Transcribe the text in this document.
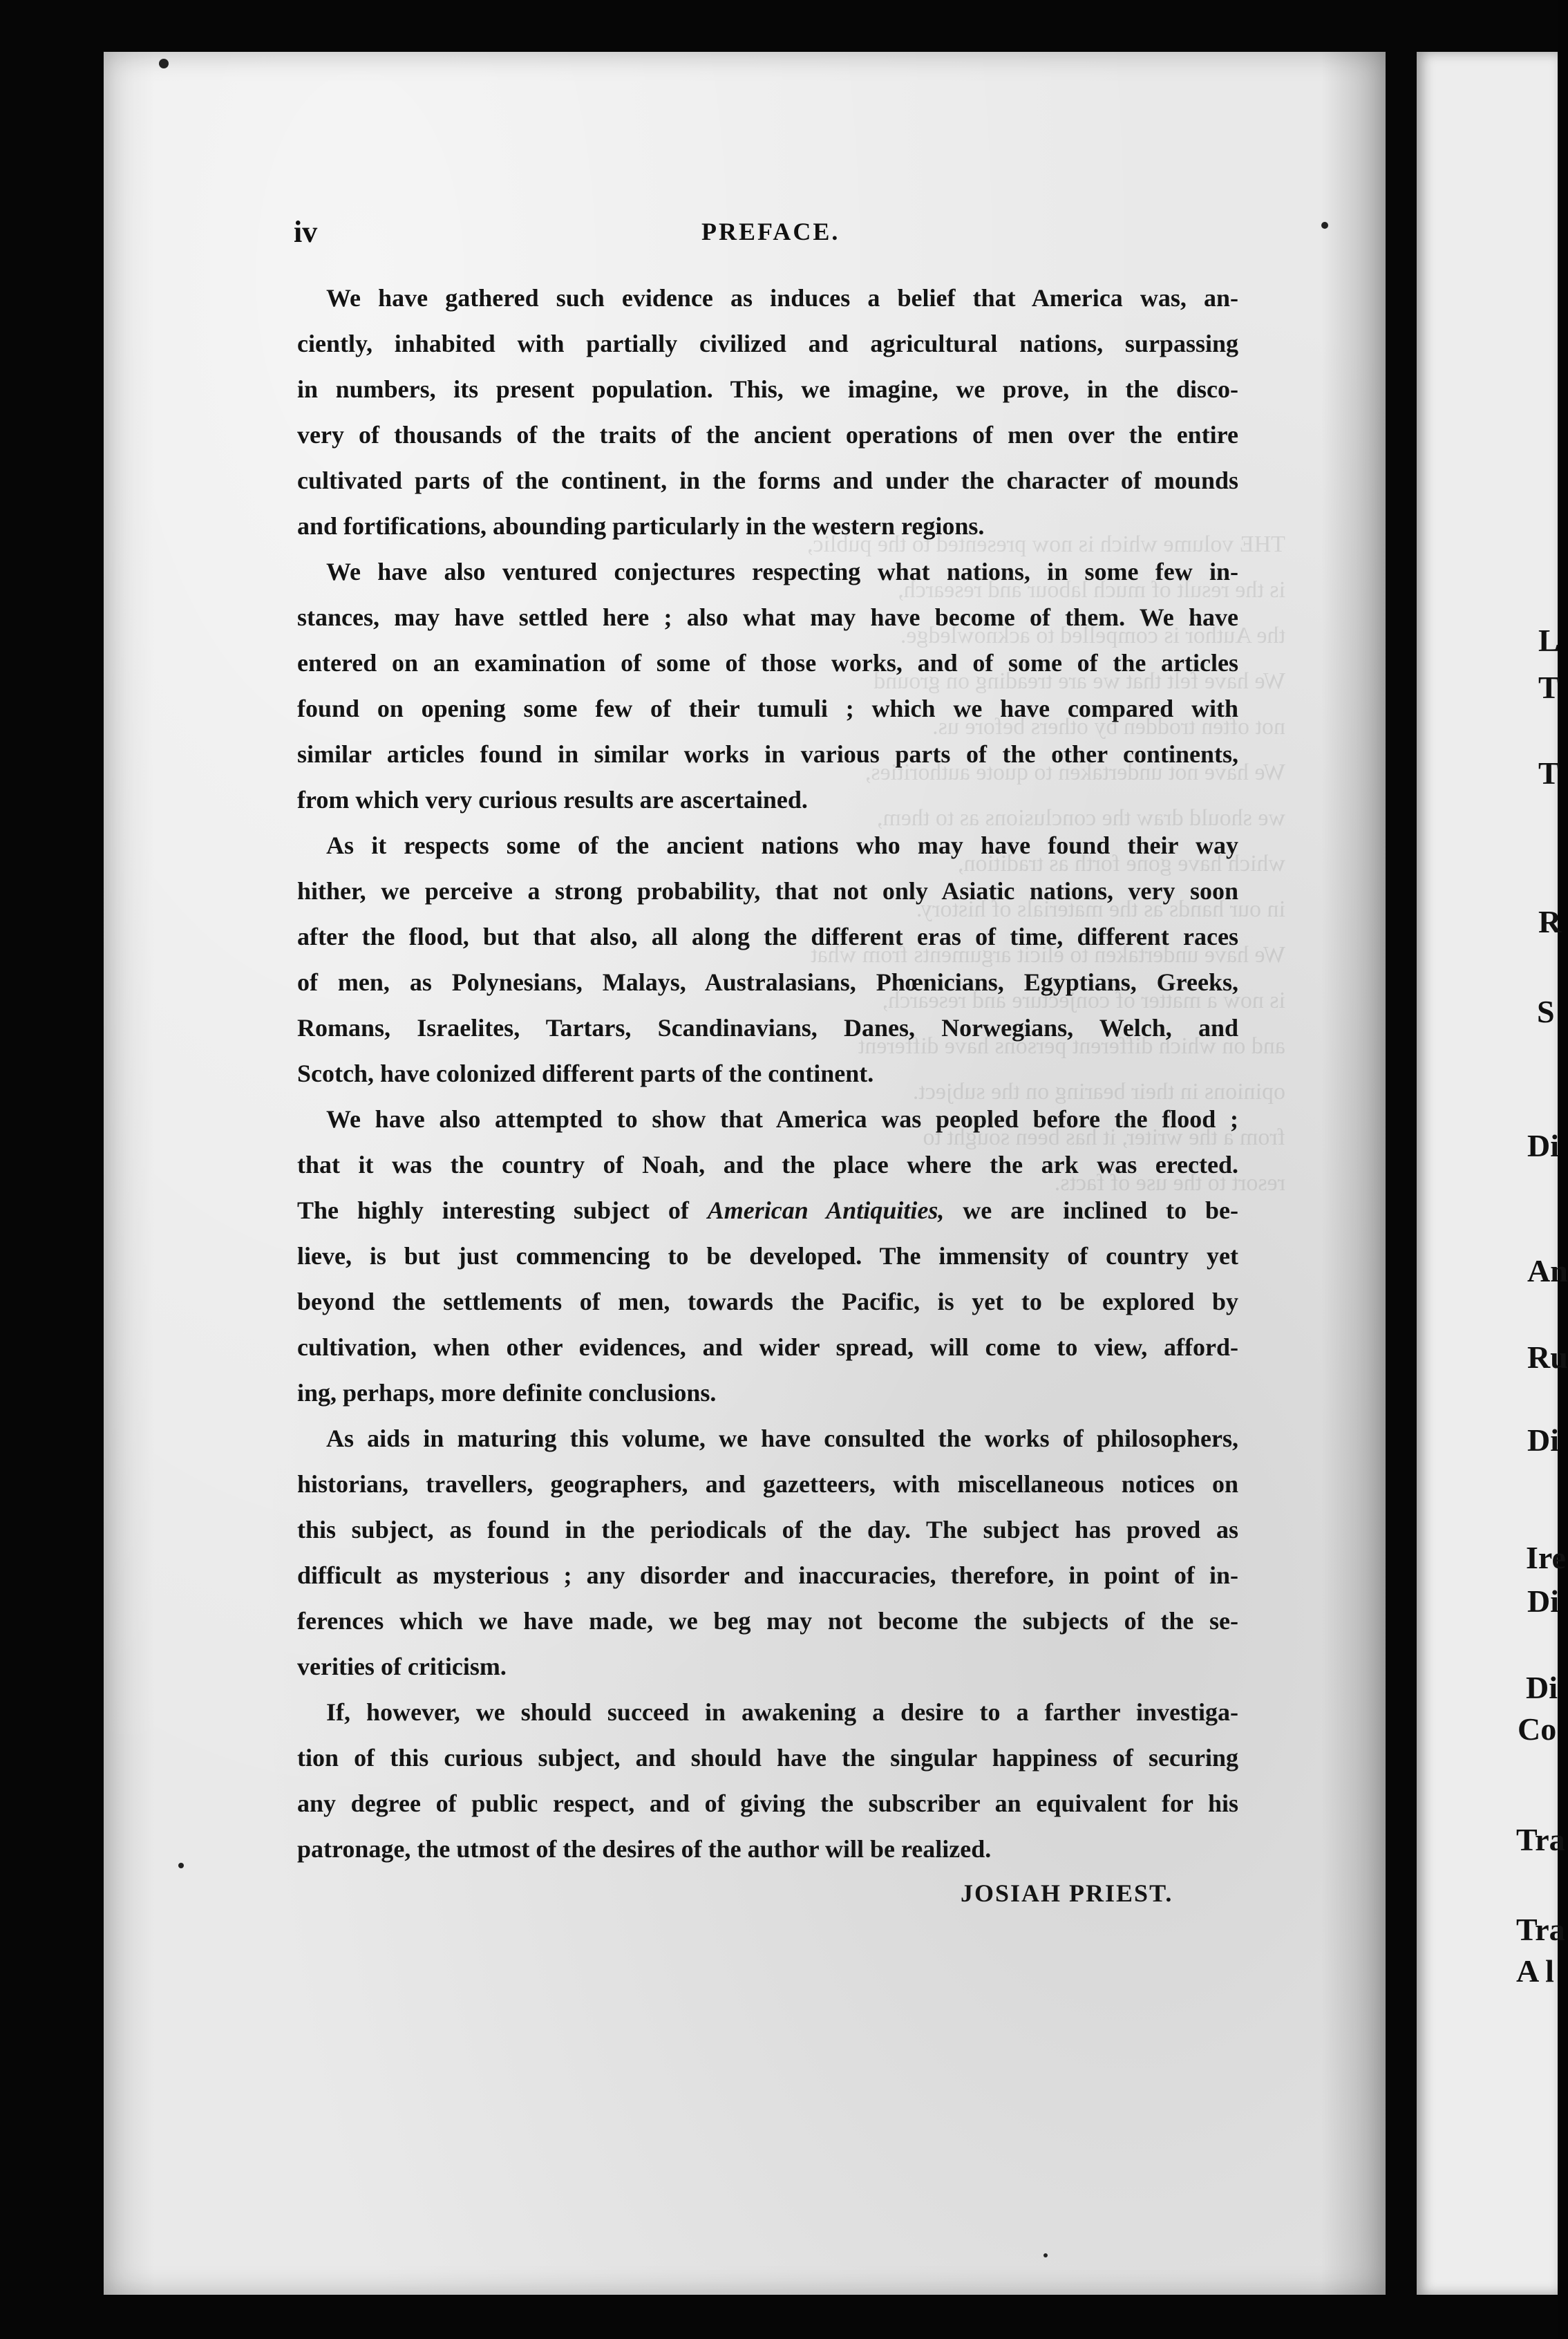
THE volume which is now presented to the public,
is the result of much labour and research,
the Author is compelled to acknowledge.
We have felt that we are treading on ground
not often trodden by others before us.
We have not undertaken to quote authorities,
we should draw the conclusions as to them,
which have gone forth as tradition,
in our hands as the materials of history.
We have undertaken to elicit arguments from what
is now a matter of conjecture and research,
and on which different persons have different
opinions in their bearing on the subject.
from a the writer, it has been sought to
resort to the use of facts.
iv	PREFACE.
We have gathered such evidence as induces a belief that America was, an-
ciently, inhabited with partially civilized and agricultural nations, surpassing
in numbers, its present population. This, we imagine, we prove, in the disco-
very of thousands of the traits of the ancient operations of men over the entire
cultivated parts of the continent, in the forms and under the character of mounds
and fortifications, abounding particularly in the western regions.
We have also ventured conjectures respecting what nations, in some few in-
stances, may have settled here ; also what may have become of them. We have
entered on an examination of some of those works, and of some of the articles
found on opening some few of their tumuli ; which we have compared with
similar articles found in similar works in various parts of the other continents,
from which very curious results are ascertained.
As it respects some of the ancient nations who may have found their way
hither, we perceive a strong probability, that not only Asiatic nations, very soon
after the flood, but that also, all along the different eras of time, different races
of men, as Polynesians, Malays, Australasians, Phœnicians, Egyptians, Greeks,
Romans, Israelites, Tartars, Scandinavians, Danes, Norwegians, Welch, and
Scotch, have colonized different parts of the continent.
We have also attempted to show that America was peopled before the flood ;
that it was the country of Noah, and the place where the ark was erected.
The highly interesting subject of American Antiquities, we are inclined to be-
lieve, is but just commencing to be developed. The immensity of country yet
beyond the settlements of men, towards the Pacific, is yet to be explored by
cultivation, when other evidences, and wider spread, will come to view, afford-
ing, perhaps, more definite conclusions.
As aids in maturing this volume, we have consulted the works of philosophers,
historians, travellers, geographers, and gazetteers, with miscellaneous notices on
this subject, as found in the periodicals of the day. The subject has proved as
difficult as mysterious ; any disorder and inaccuracies, therefore, in point of in-
ferences which we have made, we beg may not become the subjects of the se-
verities of criticism.
If, however, we should succeed in awakening a desire to a farther investiga-
tion of this curious subject, and should have the singular happiness of securing
any degree of public respect, and of giving the subscriber an equivalent for his
patronage, the utmost of the desires of the author will be realized.
JOSIAH PRIEST.
L
T
T
R
S
Di
An
Ru
Di
Ire
Di
Di
Co
Tra
Tra
A l
